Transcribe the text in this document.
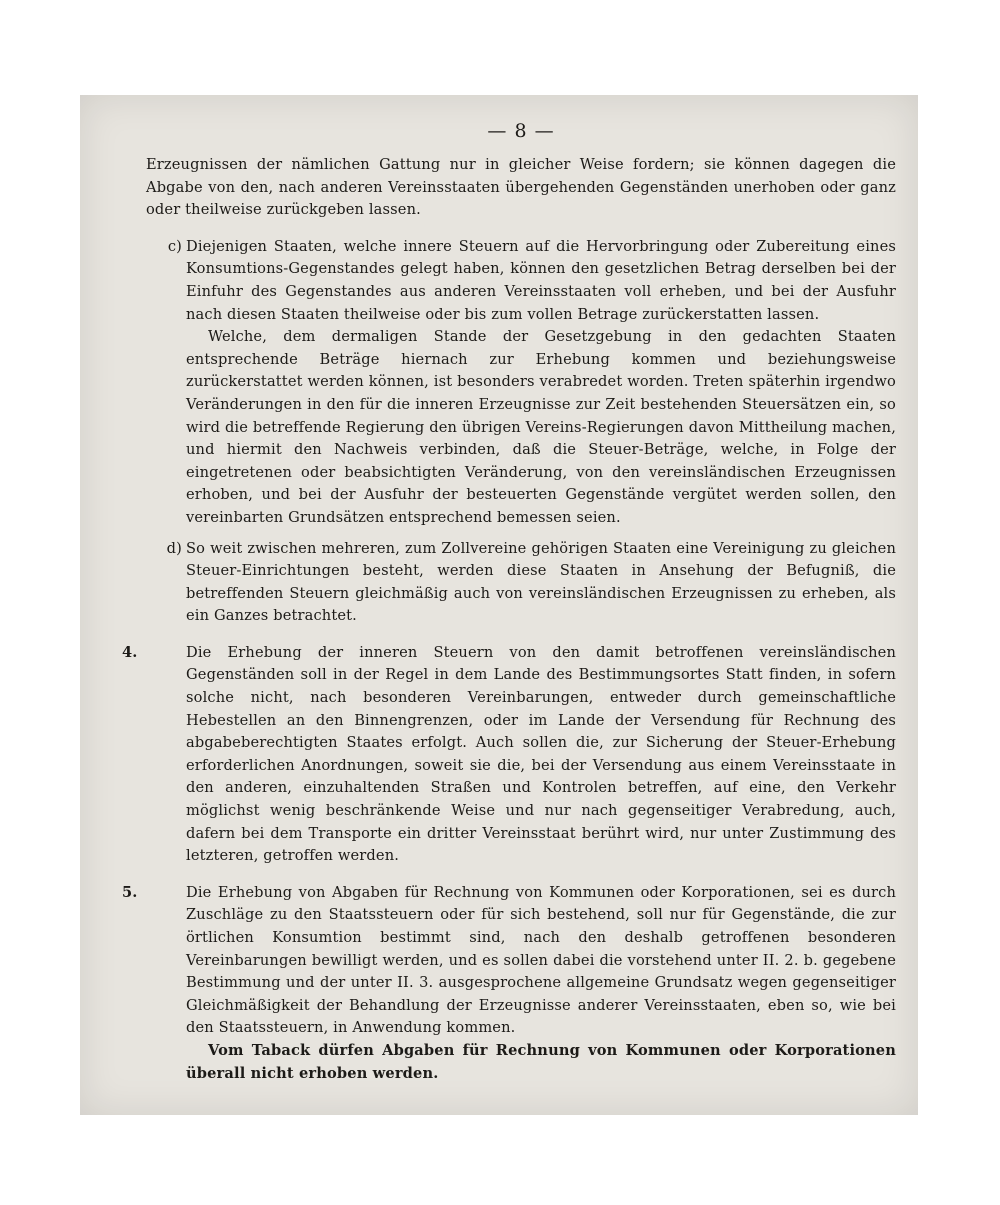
— 8 —

Erzeugnissen der nämlichen Gattung nur in gleicher Weise fordern; sie können dagegen die Abgabe von den, nach anderen Vereinsstaaten übergehenden Gegenständen unerhoben oder ganz oder theilweise zurückgeben lassen.

c) Diejenigen Staaten, welche innere Steuern auf die Hervorbringung oder Zubereitung eines Konsumtions-Gegenstandes gelegt haben, können den gesetzlichen Betrag derselben bei der Einfuhr des Gegenstandes aus anderen Vereinsstaaten voll erheben, und bei der Ausfuhr nach diesen Staaten theilweise oder bis zum vollen Betrage zurückerstatten lassen.

Welche, dem dermaligen Stande der Gesetzgebung in den gedachten Staaten entsprechende Beträge hiernach zur Erhebung kommen und beziehungsweise zurückerstattet werden können, ist besonders verabredet worden. Treten späterhin irgendwo Veränderungen in den für die inneren Erzeugnisse zur Zeit bestehenden Steuersätzen ein, so wird die betreffende Regierung den übrigen Vereins-Regierungen davon Mittheilung machen, und hiermit den Nachweis verbinden, daß die Steuer-Beträge, welche, in Folge der eingetretenen oder beabsichtigten Veränderung, von den vereinsländischen Erzeugnissen erhoben, und bei der Ausfuhr der besteuerten Gegenstände vergütet werden sollen, den vereinbarten Grundsätzen entsprechend bemessen seien.

d) So weit zwischen mehreren, zum Zollvereine gehörigen Staaten eine Vereinigung zu gleichen Steuer-Einrichtungen besteht, werden diese Staaten in Ansehung der Befugniß, die betreffenden Steuern gleichmäßig auch von vereinsländischen Erzeugnissen zu erheben, als ein Ganzes betrachtet.

4.	Die Erhebung der inneren Steuern von den damit betroffenen vereinsländischen Gegenständen soll in der Regel in dem Lande des Bestimmungsortes Statt finden, in sofern solche nicht, nach besonderen Vereinbarungen, entweder durch gemeinschaftliche Hebestellen an den Binnengrenzen, oder im Lande der Versendung für Rechnung des abgabeberechtigten Staates erfolgt. Auch sollen die, zur Sicherung der Steuer-Erhebung erforderlichen Anordnungen, soweit sie die, bei der Versendung aus einem Vereinsstaate in den anderen, einzuhaltenden Straßen und Kontrolen betreffen, auf eine, den Verkehr möglichst wenig beschränkende Weise und nur nach gegenseitiger Verabredung, auch, dafern bei dem Transporte ein dritter Vereinsstaat berührt wird, nur unter Zustimmung des letzteren, getroffen werden.

5.	Die Erhebung von Abgaben für Rechnung von Kommunen oder Korporationen, sei es durch Zuschläge zu den Staatssteuern oder für sich bestehend, soll nur für Gegenstände, die zur örtlichen Konsumtion bestimmt sind, nach den deshalb getroffenen besonderen Vereinbarungen bewilligt werden, und es sollen dabei die vorstehend unter II. 2. b. gegebene Bestimmung und der unter II. 3. ausgesprochene allgemeine Grundsatz wegen gegenseitiger Gleichmäßigkeit der Behandlung der Erzeugnisse anderer Vereinsstaaten, eben so, wie bei den Staatssteuern, in Anwendung kommen.

Vom Taback dürfen Abgaben für Rechnung von Kommunen oder Korporationen überall nicht erhoben werden.
